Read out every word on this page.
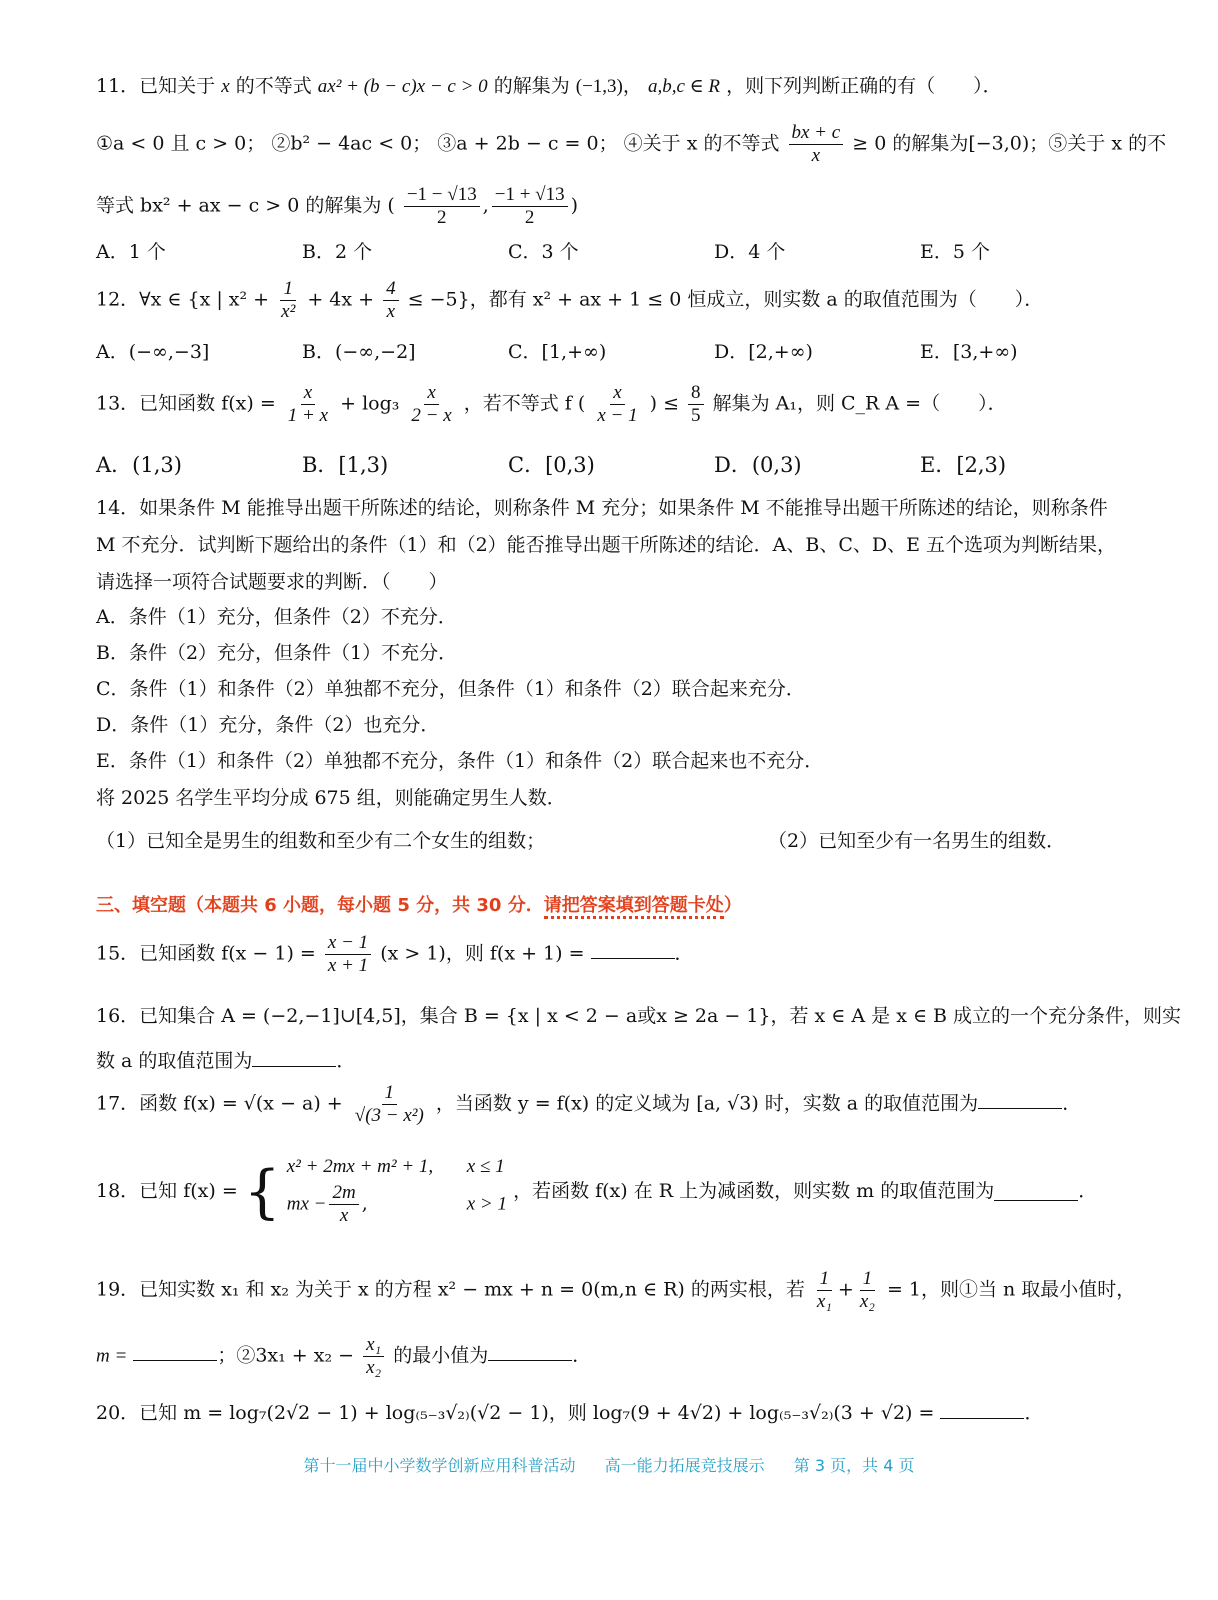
11．已知关于 x 的不等式 ax² + (b − c)x − c > 0 的解集为 (−1,3)， a,b,c ∈ R ，则下列判断正确的有（　　）．
①a < 0 且 c > 0； ②b² − 4ac < 0； ③a + 2b − c = 0； ④关于 x 的不等式 $\frac{bx + c}{x} \ge 0$ 的解集为[−3,0)；⑤关于 x 的不
等式 bx² + ax − c > 0 的解集为 ( $\frac{-1 - √13}{2}$ , $\frac{-1 + √13}{2}$ )
A．1 个	B．2 个	C．3 个	D．4 个	E．5 个
12．∀x ∈ {x | $x^2 + \frac{1}{\text{x²}} + 4x + \frac{4}{x} \le -5$}，都有 x² + ax + 1 ≤ 0 恒成立，则实数 a 的取值范围为（　　）．
A．(−∞,−3]	B．(−∞,−2]	C．[1,+∞)	D．[2,+∞)	E．[3,+∞)
13．已知函数 $f(x) = \frac{x}{1 + x} + \log_3 \frac{x}{2 - x}$ ，若不等式 f ( $\frac{x}{x - 1}$ ) ≤ $\frac{8}{5}$ 解集为 A₁，则 C_R A =（　　）．
A．(1,3)	B．[1,3)	C．[0,3)	D．(0,3)	E．[2,3)
14．如果条件 M 能推导出题干所陈述的结论，则称条件 M 充分；如果条件 M 不能推导出题干所陈述的结论，则称条件 M 不充分．试判断下题给出的条件（1）和（2）能否推导出题干所陈述的结论．A、B、C、D、E 五个选项为判断结果，请选择一项符合试题要求的判断．（　　）
A．条件（1）充分，但条件（2）不充分．
B．条件（2）充分，但条件（1）不充分．
C．条件（1）和条件（2）单独都不充分，但条件（1）和条件（2）联合起来充分．
D．条件（1）充分，条件（2）也充分．
E．条件（1）和条件（2）单独都不充分，条件（1）和条件（2）联合起来也不充分．
将 2025 名学生平均分成 675 组，则能确定男生人数．
（1）已知全是男生的组数和至少有二个女生的组数；	（2）已知至少有一名男生的组数．
三、填空题（本题共 6 小题，每小题 5 分，共 30 分．请把答案填到答题卡处）
15．已知函数 $f(x - 1) = \frac{x - 1}{x + 1} (x > 1)$，则 f(x + 1) =	．
16．已知集合 A = (−2,−1]∪[4,5]，集合 B = {x | x < 2 − a或x ≥ 2a − 1}，若 x ∈ A 是 x ∈ B 成立的一个充分条件，则实
数 a 的取值范围为	．
17．函数 $f(x) = √(x - a) + \frac{1}{\text{√(3 − x²)}}$ ，当函数 y = f(x) 的定义域为 [a, √3) 时，实数 a 的取值范围为	．
18．已知 f(x) = { x² + 2mx + m² + 1, x ≤ 1
mx − $\frac{2m}{x}$ ,	x > 1
，若函数 f(x) 在 R 上为减函数，则实数 m 的取值范围为	．
19．已知实数 x₁ 和 x₂ 为关于 x 的方程 x² − mx + n = 0(m,n ∈ R) 的两实根，若 $\frac{1}{\text{x₁}} + \frac{1}{\text{x₂}} = 1$，则①当 n 取最小值时，
m =	；②3x₁ + $x_2 - \frac{\text{x₁}}{\text{x₂}}$ 的最小值为	．
20．已知 m = log₇(2√2 − 1) + log₍₅₋₃√₂₎(√2 − 1)，则 log₇(9 + 4√2) + log₍₅₋₃√₂₎(3 + √2) =	．
第十一届中小学数学创新应用科普活动 高一能力拓展竞技展示 第 3 页，共 4 页
